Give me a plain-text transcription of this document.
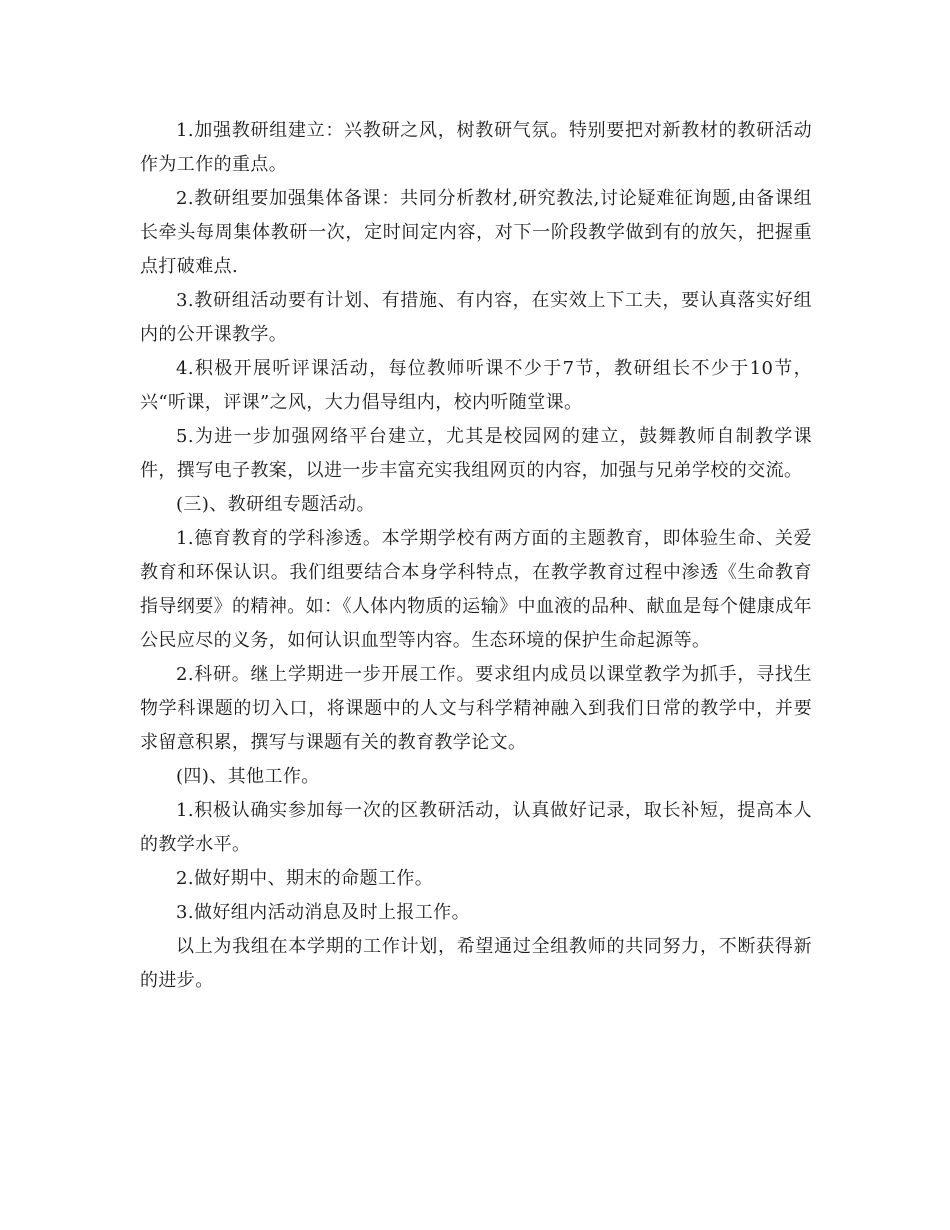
1.加强教研组建立：兴教研之风，树教研气氛。特别要把对新教材的教研活动作为工作的重点。

2.教研组要加强集体备课：共同分析教材,研究教法,讨论疑难征询题,由备课组长牵头每周集体教研一次，定时间定内容，对下一阶段教学做到有的放矢，把握重点打破难点.

3.教研组活动要有计划、有措施、有内容，在实效上下工夫，要认真落实好组内的公开课教学。

4.积极开展听评课活动，每位教师听课不少于7节，教研组长不少于10节，兴“听课，评课”之风，大力倡导组内，校内听随堂课。

5.为进一步加强网络平台建立，尤其是校园网的建立，鼓舞教师自制教学课件，撰写电子教案，以进一步丰富充实我组网页的内容，加强与兄弟学校的交流。

(三)、教研组专题活动。

1.德育教育的学科渗透。本学期学校有两方面的主题教育，即体验生命、关爱教育和环保认识。我们组要结合本身学科特点，在教学教育过程中渗透《生命教育指导纲要》的精神。如：《人体内物质的运输》中血液的品种、献血是每个健康成年公民应尽的义务，如何认识血型等内容。生态环境的保护生命起源等。

2.科研。继上学期进一步开展工作。要求组内成员以课堂教学为抓手，寻找生物学科课题的切入口，将课题中的人文与科学精神融入到我们日常的教学中，并要求留意积累，撰写与课题有关的教育教学论文。

(四)、其他工作。

1.积极认确实参加每一次的区教研活动，认真做好记录，取长补短，提高本人的教学水平。

2.做好期中、期末的命题工作。

3.做好组内活动消息及时上报工作。

以上为我组在本学期的工作计划，希望通过全组教师的共同努力，不断获得新的进步。
